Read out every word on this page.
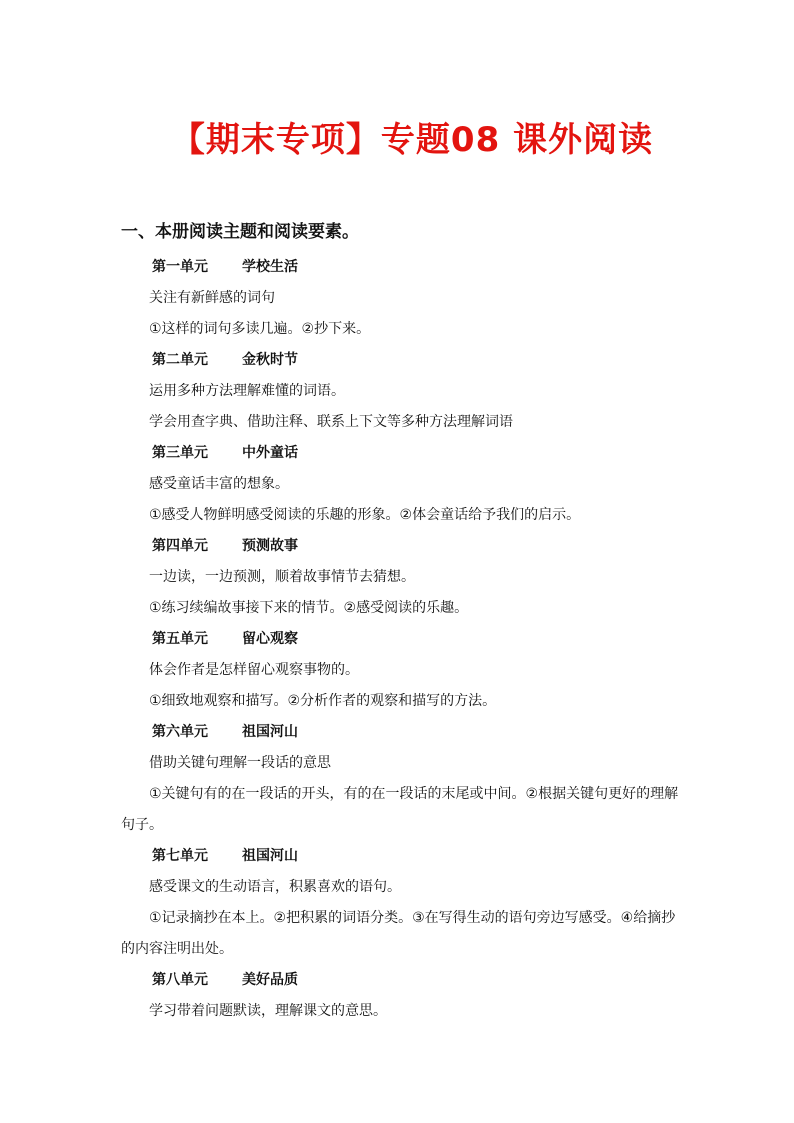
【期末专项】专题08 课外阅读
一、本册阅读主题和阅读要素。
第一单元 学校生活
关注有新鲜感的词句
①这样的词句多读几遍。②抄下来。
第二单元 金秋时节
运用多种方法理解难懂的词语。
学会用查字典、借助注释、联系上下文等多种方法理解词语
第三单元 中外童话
感受童话丰富的想象。
①感受人物鲜明感受阅读的乐趣的形象。②体会童话给予我们的启示。
第四单元 预测故事
一边读，一边预测，顺着故事情节去猜想。
①练习续编故事接下来的情节。②感受阅读的乐趣。
第五单元 留心观察
体会作者是怎样留心观察事物的。
①细致地观察和描写。②分析作者的观察和描写的方法。
第六单元 祖国河山
借助关键句理解一段话的意思
①关键句有的在一段话的开头，有的在一段话的末尾或中间。②根据关键句更好的理解句子。
第七单元 祖国河山
感受课文的生动语言，积累喜欢的语句。
①记录摘抄在本上。②把积累的词语分类。③在写得生动的语句旁边写感受。④给摘抄的内容注明出处。
第八单元 美好品质
学习带着问题默读，理解课文的意思。
